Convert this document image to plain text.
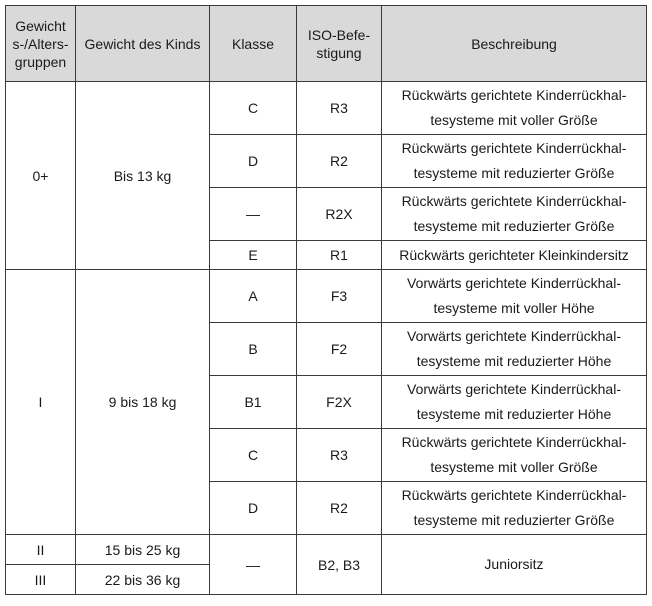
Gewicht s-/Alters-gruppen	Gewicht des Kinds	Klasse	ISO-Befe-stigung	Beschreibung
0+	Bis 13 kg	C	R3	Rückwärts gerichtete Kinderrückhal-tesysteme mit voller Größe
		D	R2	Rückwärts gerichtete Kinderrückhal-tesysteme mit reduzierter Größe
		—	R2X	Rückwärts gerichtete Kinderrückhal-tesysteme mit reduzierter Größe
		E	R1	Rückwärts gerichteter Kleinkindersitz
I	9 bis 18 kg	A	F3	Vorwärts gerichtete Kinderrückhal-tesysteme mit voller Höhe
		B	F2	Vorwärts gerichtete Kinderrückhal-tesysteme mit reduzierter Höhe
		B1	F2X	Vorwärts gerichtete Kinderrückhal-tesysteme mit reduzierter Höhe
		C	R3	Rückwärts gerichtete Kinderrückhal-tesysteme mit voller Größe
		D	R2	Rückwärts gerichtete Kinderrückhal-tesysteme mit reduzierter Größe
II	15 bis 25 kg	—	B2, B3	Juniorsitz
III	22 bis 36 kg			
